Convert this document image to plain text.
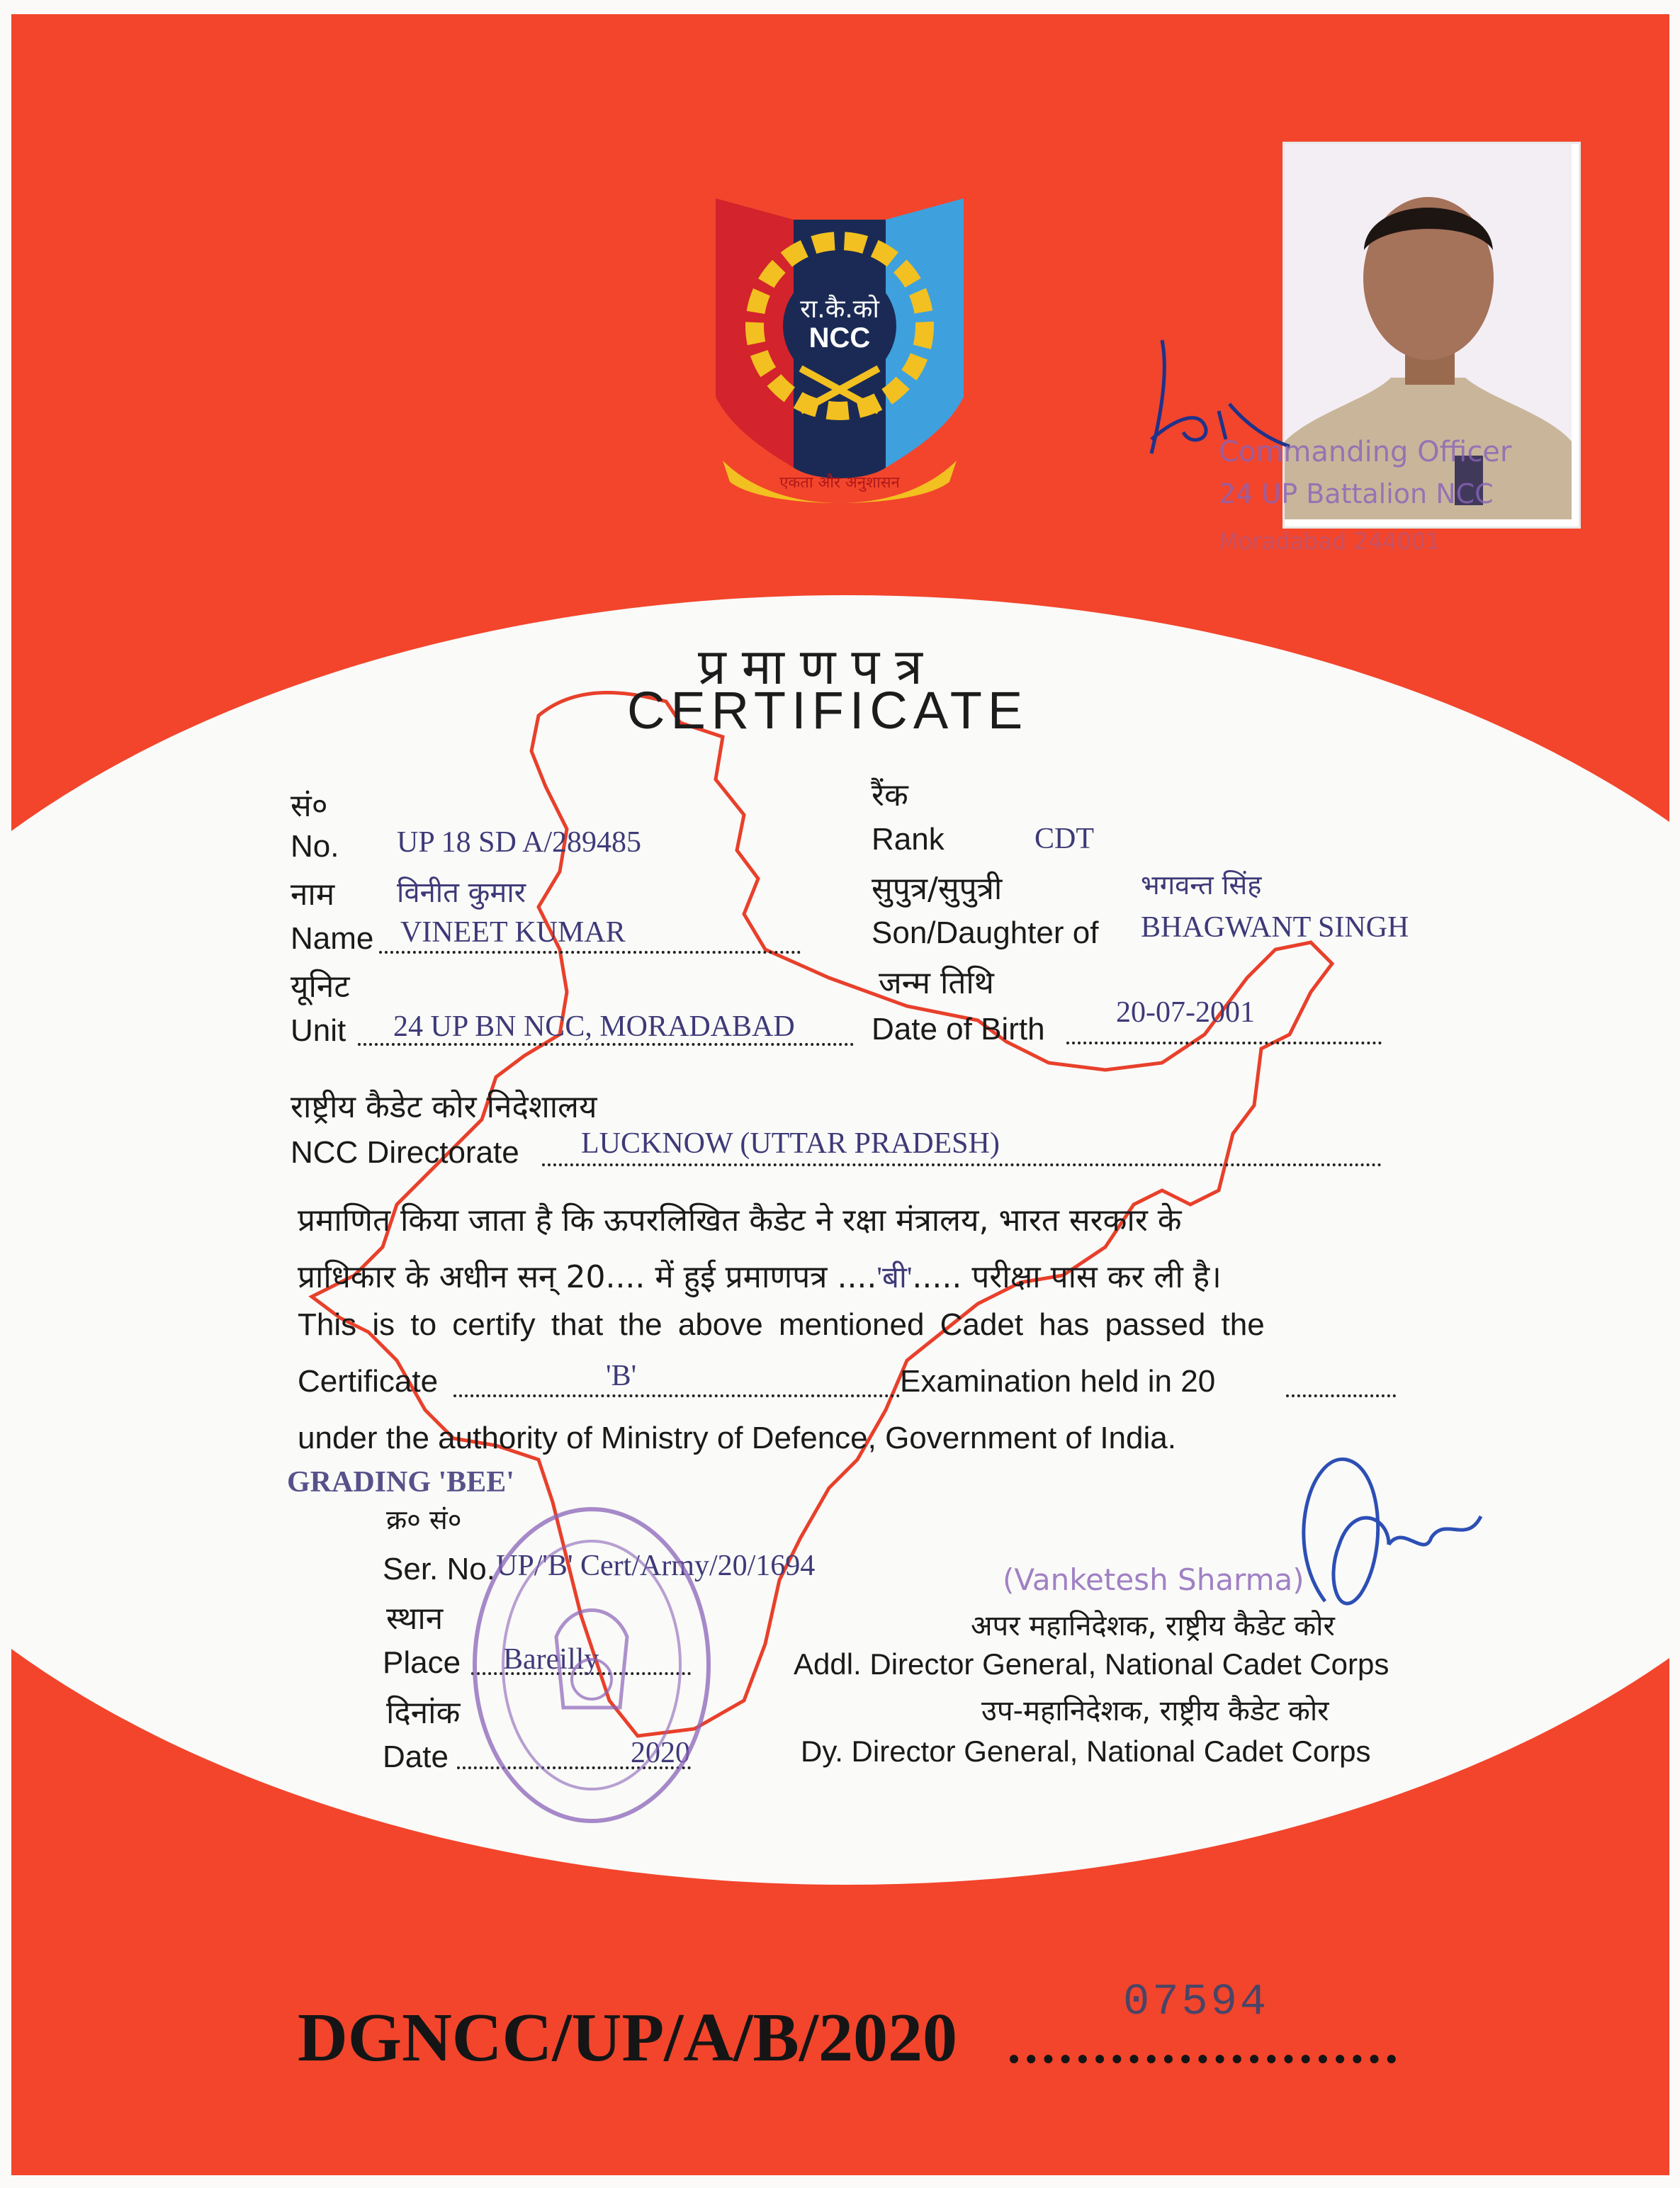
रा.कै.को
NCC
एकता और अनुशासन
Commanding Officer
24 UP Battalion NCC
Moradabad 244001
प्रमाणपत्र
CERTIFICATE
सं०
No. UP 18 SD A/289485
नाम विनीत कुमार
Name VINEET KUMAR
यूनिट
Unit 24 UP BN NCC, MORADABAD
रैंक
Rank	CDT
सुपुत्र/सुपुत्री	भगवन्त सिंह
Son/Daughter of BHAGWANT SINGH
जन्म तिथि
Date of Birth 20-07-2001
राष्ट्रीय कैडेट कोर निदेशालय
NCC Directorate LUCKNOW (UTTAR PRADESH)
प्रमाणित किया जाता है कि ऊपरलिखित कैडेट ने रक्षा मंत्रालय, भारत सरकार के
प्राधिकार के अधीन सन् 20.... में हुई प्रमाणपत्र ....'बी'..... परीक्षा पास कर ली है।
This is to certify that the above mentioned Cadet has passed the
Certificate	'B'	Examination held in 20
under the authority of Ministry of Defence, Government of India.
GRADING 'BEE'
क्र० सं०
Ser. No. UP/'B' Cert/Army/20/1694
स्थान
Place Bareilly
दिनांक
Date	2020
(Vanketesh Sharma)
अपर महानिदेशक, राष्ट्रीय कैडेट कोर
Addl. Director General, National Cadet Corps
उप-महानिदेशक, राष्ट्रीय कैडेट कोर
Dy. Director General, National Cadet Corps
07594
DGNCC/UP/A/B/2020
